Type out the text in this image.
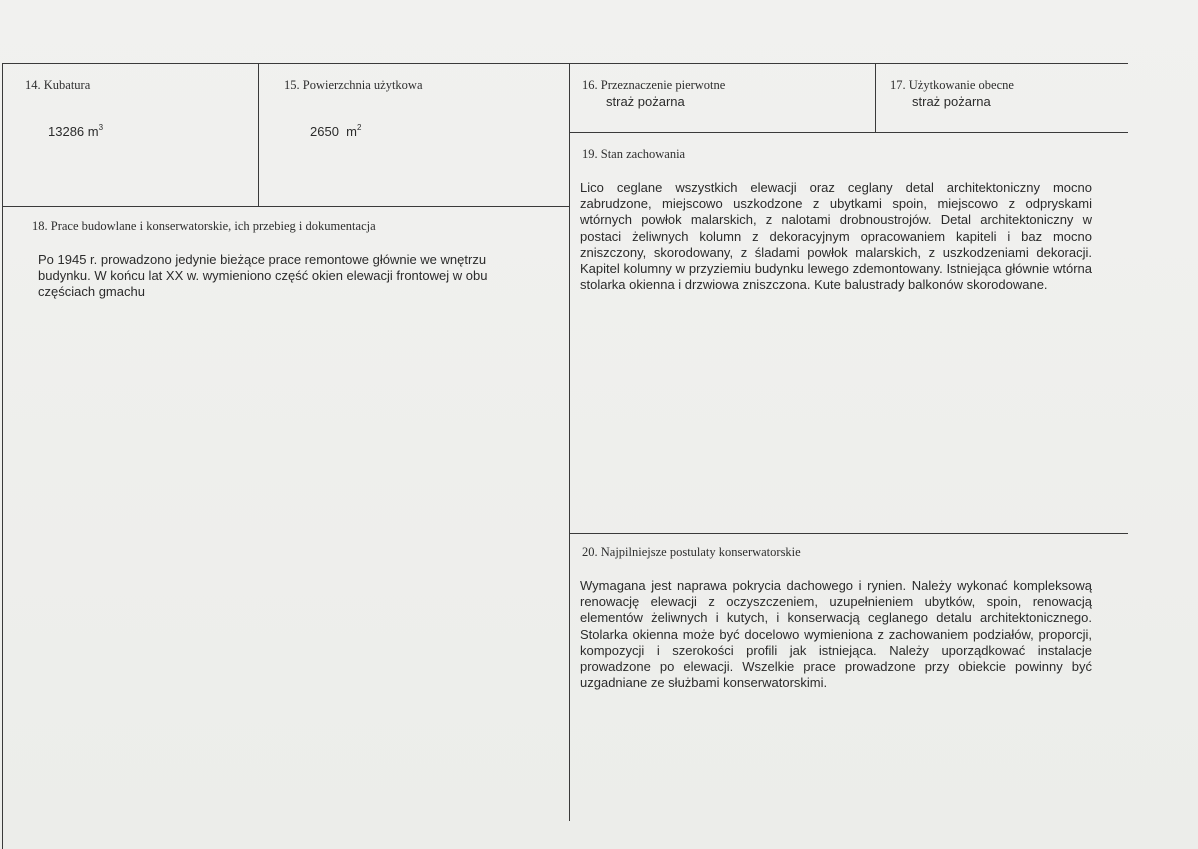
14. Kubatura
13286 $m^3$
15. Powierzchnia użytkowa
2650 $m^2$
16. Przeznaczenie pierwotne
straż pożarna
17. Użytkowanie obecne
straż pożarna
18. Prace budowlane i konserwatorskie, ich przebieg i dokumentacja
Po 1945 r. prowadzono jedynie bieżące prace remontowe głównie we wnętrzu budynku. W końcu lat XX w. wymieniono część okien elewacji frontowej w obu częściach gmachu
19. Stan zachowania
Lico ceglane wszystkich elewacji oraz ceglany detal architektoniczny mocno zabrudzone, miejscowo uszkodzone z ubytkami spoin, miejscowo z odpryskami wtórnych powłok malarskich, z nalotami drobnoustrojów. Detal architektoniczny w postaci żeliwnych kolumn z dekoracyjnym opracowaniem kapiteli i baz mocno zniszczony, skorodowany, z śladami powłok malarskich, z uszkodzeniami dekoracji. Kapitel kolumny w przyziemiu budynku lewego zdemontowany. Istniejąca głównie wtórna stolarka okienna i drzwiowa zniszczona. Kute balustrady balkonów skorodowane.
20. Najpilniejsze postulaty konserwatorskie
Wymagana jest naprawa pokrycia dachowego i rynien. Należy wykonać kompleksową renowację elewacji z oczyszczeniem, uzupełnieniem ubytków, spoin, renowacją elementów żeliwnych i kutych, i konserwacją ceglanego detalu architektonicznego. Stolarka okienna może być docelowo wymieniona z zachowaniem podziałów, proporcji, kompozycji i szerokości profili jak istniejąca. Należy uporządkować instalacje prowadzone po elewacji. Wszelkie prace prowadzone przy obiekcie powinny być uzgadniane ze służbami konserwatorskimi.
